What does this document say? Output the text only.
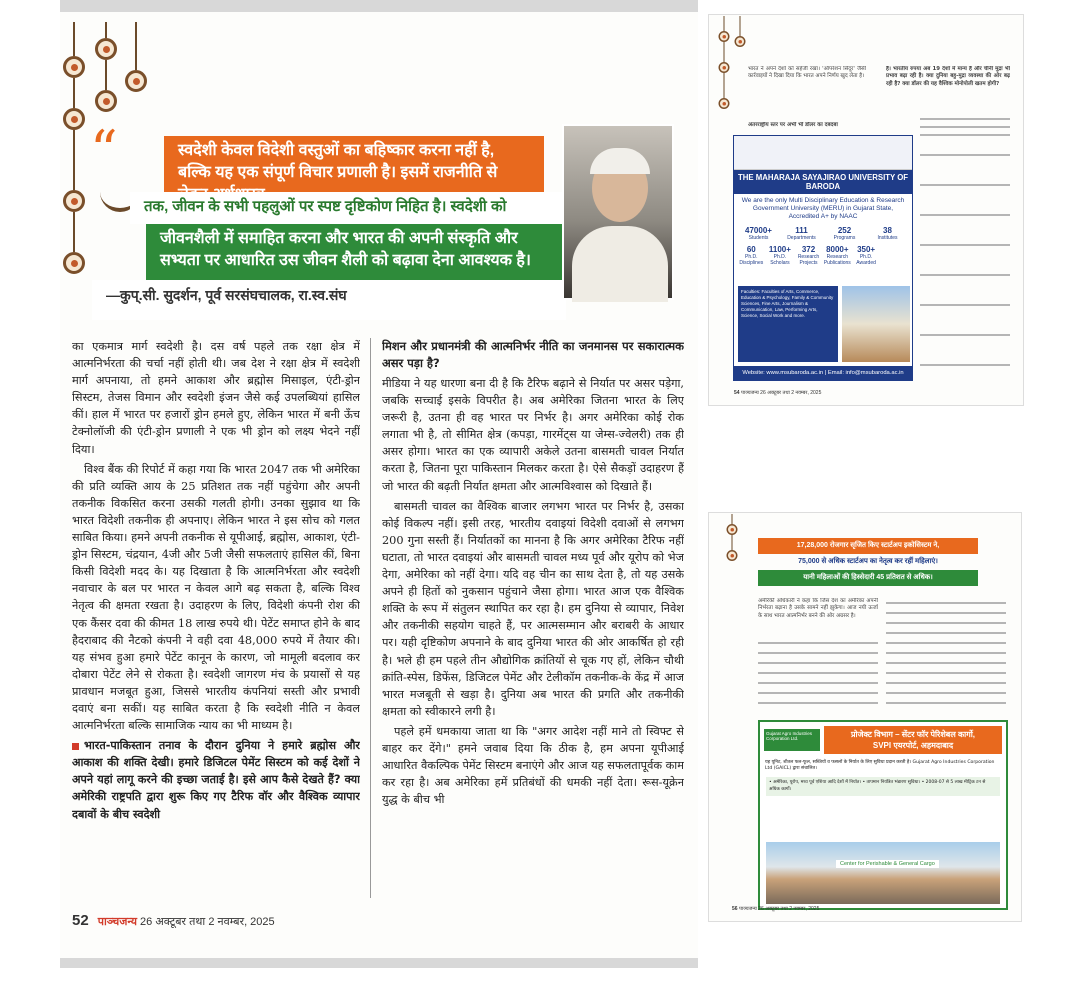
“	स्वदेशी केवल विदेशी वस्तुओं का बहिष्कार करना नहीं है, बल्कि यह एक संपूर्ण विचार प्रणाली है। इसमें राजनीति से
तक, जीवन के सभी पहलुओं पर स्पष्ट दृष्टिकोण निहित है। स्वदेशी को
जीवनशैली में समाहित करना और भारत की अपनी संस्कृति और
सभ्यता पर आधारित उस जीवन शैली को बढ़ावा देना आवश्यक है।
—कुप्.सी. सुदर्शन, पूर्व सरसंघचालक, रा.स्व.संघ

का एकमात्र मार्ग स्वदेशी है। दस वर्ष पहले तक रक्षा क्षेत्र में आत्मनिर्भरता की चर्चा नहीं होती थी। जब देश ने रक्षा क्षेत्र में स्वदेशी मार्ग अपनाया, तो हमने आकाश और ब्रह्मोस मिसाइल, एंटी-ड्रोन सिस्टम, तेजस विमान और स्वदेशी इंजन जैसे कई उपलब्धियां हासिल कीं। हाल में भारत पर हजारों ड्रोन हमले हुए, लेकिन भारत में बनी ऊँच टेक्नोलॉजी की एंटी-ड्रोन प्रणाली ने एक भी ड्रोन को लक्ष्य भेदने नहीं दिया।

विश्व बैंक की रिपोर्ट में कहा गया कि भारत 2047 तक भी अमेरिका की प्रति व्यक्ति आय के 25 प्रतिशत तक नहीं पहुंचेगा और अपनी तकनीक विकसित करना उसकी गलती होगी। उनका सुझाव था कि भारत विदेशी तकनीक ही अपनाए। लेकिन भारत ने इस सोच को गलत साबित किया। हमने अपनी तकनीक से यूपीआई, ब्रह्मोस, आकाश, एंटी-ड्रोन सिस्टम, चंद्रयान, 4जी और 5जी जैसी सफलताएं हासिल कीं, बिना किसी विदेशी मदद के। यह दिखाता है कि आत्मनिर्भरता और स्वदेशी नवाचार के बल पर भारत न केवल आगे बढ़ सकता है, बल्कि विश्व नेतृत्व की क्षमता रखता है। उदाहरण के लिए, विदेशी कंपनी रोश की एक कैंसर दवा की कीमत 18 लाख रुपये थी। पेटेंट समाप्त होने के बाद हैदराबाद की नैटको कंपनी ने वही दवा 48,000 रुपये में तैयार की। यह संभव हुआ हमारे पेटेंट कानून के कारण, जो मामूली बदलाव कर दोबारा पेटेंट लेने से रोकता है। स्वदेशी जागरण मंच के प्रयासों से यह प्रावधान मजबूत हुआ, जिससे भारतीय कंपनियां सस्ती और प्रभावी दवाएं बना सकीं। यह साबित करता है कि स्वदेशी नीति न केवल आत्मनिर्भरता बल्कि सामाजिक न्याय का भी माध्यम है।

भारत-पाकिस्तान तनाव के दौरान दुनिया ने हमारे ब्रह्मोस और आकाश की शक्ति देखी। हमारे डिजिटल पेमेंट सिस्टम को कई देशों ने अपने यहां लागू करने की इच्छा जताई है। इसे आप कैसे देखते हैं? क्या अमेरिकी राष्ट्रपति द्वारा शुरू किए गए टैरिफ वॉर और वैश्विक व्यापार दबावों के बीच स्वदेशी

मिशन और प्रधानमंत्री की आत्मनिर्भर नीति का जनमानस पर सकारात्मक असर पड़ा है?

मीडिया ने यह धारणा बना दी है कि टैरिफ बढ़ाने से निर्यात पर असर पड़ेगा, जबकि सच्चाई इसके विपरीत है। अब अमेरिका जितना भारत के लिए जरूरी है, उतना ही वह भारत पर निर्भर है। अगर अमेरिका कोई रोक लगाता भी है, तो सीमित क्षेत्र (कपड़ा, गारमेंट्स या जेम्स-ज्वेलरी) तक ही असर होगा। भारत का एक व्यापारी अकेले उतना बासमती चावल निर्यात करता है, जितना पूरा पाकिस्तान मिलकर करता है। ऐसे सैकड़ों उदाहरण हैं जो भारत की बढ़ती निर्यात क्षमता और आत्मविश्वास को दिखाते हैं।

बासमती चावल का वैश्विक बाजार लगभग भारत पर निर्भर है, उसका कोई विकल्प नहीं। इसी तरह, भारतीय दवाइयां विदेशी दवाओं से लगभग 200 गुना सस्ती हैं। निर्यातकों का मानना है कि अगर अमेरिका टैरिफ नहीं घटाता, तो भारत दवाइयां और बासमती चावल मध्य पूर्व और यूरोप को भेज देगा, अमेरिका को नहीं देगा। यदि वह चीन का साथ देता है, तो यह उसके अपने ही हितों को नुकसान पहुंचाने जैसा होगा। भारत आज एक वैश्विक शक्ति के रूप में संतुलन स्थापित कर रहा है। हम दुनिया से व्यापार, निवेश और तकनीकी सहयोग चाहते हैं, पर आत्मसम्मान और बराबरी के आधार पर। यही दृष्टिकोण अपनाने के बाद दुनिया भारत की ओर आकर्षित हो रही है। भले ही हम पहले तीन औद्योगिक क्रांतियों से चूक गए हों, लेकिन चौथी क्रांति-स्पेस, डिफेंस, डिजिटल पेमेंट और टेलीकॉम तकनीक-के केंद्र में आज भारत मजबूती से खड़ा है। दुनिया अब भारत की प्रगति और तकनीकी क्षमता को स्वीकारने लगी है।

पहले हमें धमकाया जाता था कि "अगर आदेश नहीं माने तो स्विफ्ट से बाहर कर देंगे।" हमने जवाब दिया कि ठीक है, हम अपना यूपीआई आधारित वैकल्पिक पेमेंट सिस्टम बनाएंगे और आज यह सफलतापूर्वक काम कर रहा है। अब अमेरिका हमें प्रतिबंधों की धमकी नहीं देता। रूस-यूक्रेन युद्ध के बीच भी

52 पाञ्चजन्य 26 अक्टूबर तथा 2 नवम्बर, 2025
भारत ने अपने देशों को सहेजी रखा। 'ऑपरेशन सिंदूर' जैसी कार्रवाइयों ने दिखा दिया कि भारत अपने निर्णय खुद लेता है।
अंतरराष्ट्रीय स्तर पर अभी भी डॉलर का दबदबा
है। भारतीय रुपया अब 19 देशों में मान्य है और चीनी मुद्रा भी प्रभाव बढ़ा रही है। क्या दुनिया बहु-मुद्रा व्यवस्था की ओर बढ़ रही है? क्या डॉलर की यह वैश्विक मोनोपोली खतम होगी?
THE MAHARAJA SAYAJIRAO UNIVERSITY OF BARODA
We are the only Multi Disciplinary Education & Research Government University (MERU) in Gujarat State, Accredited A+ by NAAC
47000+
Students
111
Departments
252
Programs
38
Institutes
60
Ph.D. Disciplines
1100+
Ph.D. Scholars
372
Research Projects
8000+
Research Publications
350+
Ph.D. Awarded
Faculties: Faculties of Arts, Commerce, Education & Psychology, Family & Community Sciences, Fine Arts, Journalism & Communication, Law, Performing Arts, Science, Social Work and more.
Website: www.msubaroda.ac.in | Email: info@msubaroda.ac.in
54 पाञ्चजन्य 26 अक्टूबर तथा 2 नवम्बर, 2025
17,28,000 रोजगार सृजित किए स्टार्टअप इकोसिस्टम ने,
75,000 से अधिक स्टार्टअप का नेतृत्व कर रहीं महिलाएं।
यानी महिलाओं की हिस्सेदारी 45 प्रतिशत से अधिक।
अमेरिकी अधिकारी ने कहा कि जिस देश का अमेरिका अपनी निर्भरता बढ़ाना है उसके सामने नहीं झुकेगा। आज नयी ऊर्जा के साथ भारत आत्मनिर्भर बनने की ओर अग्रसर है।
Gujarat Agro Industries Corporation Ltd.	प्रोजेक्ट विभाग – सेंटर फॉर पेरिशेबल कार्गो,
SVPI एयरपोर्ट, अहमदाबाद
यह यूनिट, शीतल फल-फूल, सब्जियों व फसलों के निर्यात के लिए सुविधा प्रदान करती है। Gujarat Agro Industries Corporation Ltd (GAICL) द्वारा संचालित।
• अमेरिका, यूरोप, मध्य पूर्व एशिया आदि देशों में निर्यात। • तापमान नियंत्रित भंडारण सुविधा। • 2008-07 से 5 लाख मीट्रिक टन से अधिक कार्गो।
Center for Perishable & General Cargo
56 पाञ्चजन्य 26 अक्टूबर तथा 2 नवम्बर, 2025
